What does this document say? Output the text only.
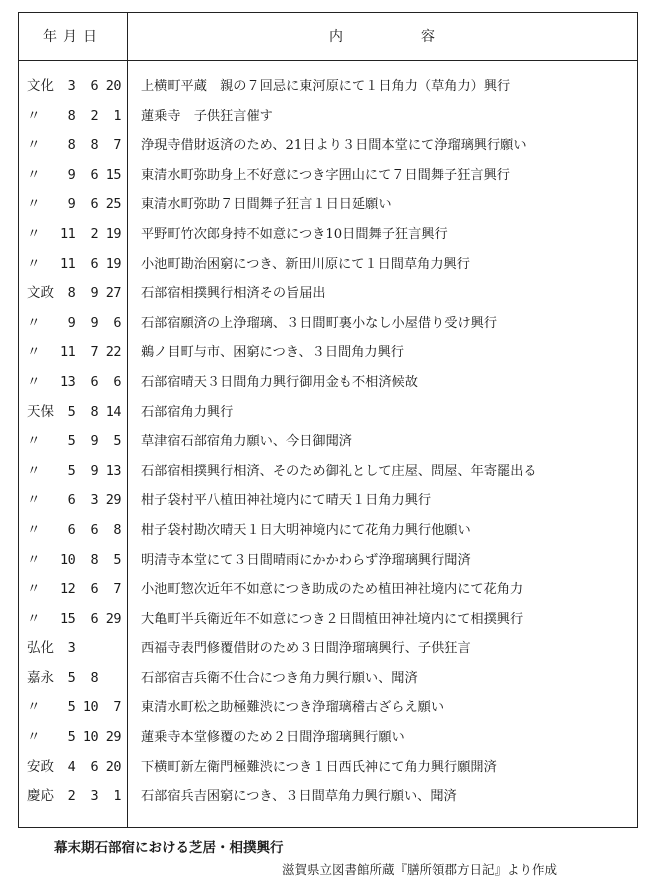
年月日	内容
文化	3  6 20 上横町平蔵　親の７回忌に東河原にて１日角力（草角力）興行
〃	8  2  1 蓮乗寺　子供狂言催す
〃	8  8  7 浄現寺借財返済のため、21日より３日間本堂にて浄瑠璃興行願い
〃	9  6 15 東清水町弥助身上不好意につき字囲山にて７日間舞子狂言興行
〃	9  6 25 東清水町弥助７日間舞子狂言１日日延願い
〃	11  2 19 平野町竹次郎身持不如意につき10日間舞子狂言興行
〃	11  6 19 小池町勘治困窮につき、新田川原にて１日間草角力興行
文政	8  9 27 石部宿相撲興行相済その旨届出
〃	9  9  6 石部宿願済の上浄瑠璃、３日間町裏小なし小屋借り受け興行
〃	11  7 22 鵜ノ目町与市、困窮につき、３日間角力興行
〃	13  6  6 石部宿晴天３日間角力興行御用金も不相済候故
天保	5  8 14 石部宿角力興行
〃	5  9  5 草津宿石部宿角力願い、今日御聞済
〃	5  9 13 石部宿相撲興行相済、そのため御礼として庄屋、問屋、年寄罷出る
〃	6  3 29 柑子袋村平八植田神社境内にて晴天１日角力興行
〃	6  6  8 柑子袋村勘次晴天１日大明神境内にて花角力興行他願い
〃	10  8  5 明清寺本堂にて３日間晴雨にかかわらず浄瑠璃興行聞済
〃	12  6  7 小池町惣次近年不如意につき助成のため植田神社境内にて花角力
〃	15  6 29 大亀町半兵衛近年不如意につき２日間植田神社境内にて相撲興行
弘化	3 西福寺表門修覆借財のため３日間浄瑠璃興行、子供狂言
嘉永	5  8 石部宿吉兵衛不仕合につき角力興行願い、聞済
〃	5 10  7 東清水町松之助極難渋につき浄瑠璃稽古ざらえ願い
〃	5 10 29 蓮乗寺本堂修覆のため２日間浄瑠璃興行願い
安政	4  6 20 下横町新左衛門極難渋につき１日西氏神にて角力興行願開済
慶応	2  3  1 石部宿兵吉困窮につき、３日間草角力興行願い、聞済
幕末期石部宿における芝居・相撲興行
滋賀県立図書館所蔵『膳所領郡方日記』より作成
